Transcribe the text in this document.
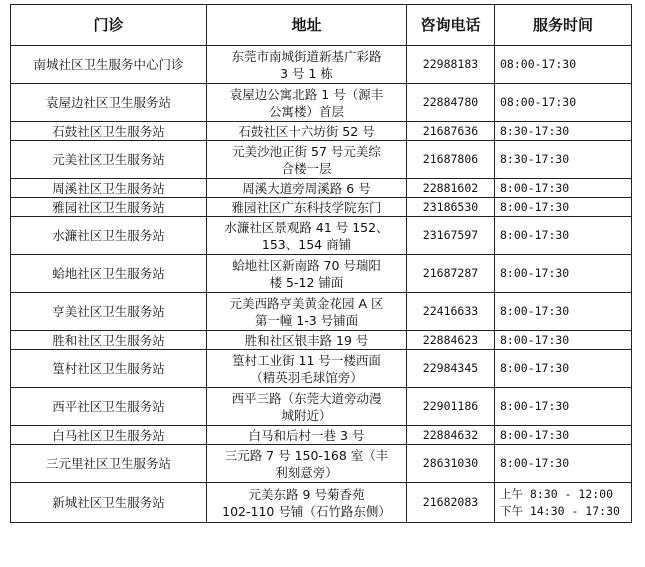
门诊	地址	咨询电话	服务时间
南城社区卫生服务中心门诊	东莞市南城街道新基广彩路
3 号 1 栋	22988183	08:00-17:30

袁屋边社区卫生服务站	袁屋边公寓北路 1 号（源丰
公寓楼）首层	22884780	08:00-17:30

石鼓社区卫生服务站	石鼓社区十六坊街 52 号	21687636	8:30-17:30

元美社区卫生服务站	元美沙池正街 57 号元美综
合楼一层	21687806	8:30-17:30

周溪社区卫生服务站	周溪大道旁周溪路 6 号	22881602	8:00-17:30

雅园社区卫生服务站	雅园社区广东科技学院东门	23186530	8:00-17:30

水濂社区卫生服务站	水濂社区景观路 41 号 152、
153、154 商铺	23167597	8:00-17:30

蛤地社区卫生服务站	蛤地社区新南路 70 号瑞阳
楼 5-12 铺面	21687287	8:00-17:30

亨美社区卫生服务站	元美西路亨美黄金花园 A 区
第一幢 1-3 号铺面	22416633	8:00-17:30

胜和社区卫生服务站	胜和社区银丰路 19 号	22884623	8:00-17:30

篁村社区卫生服务站	篁村工业街 11 号一楼西面
（精英羽毛球馆旁）	22984345	8:00-17:30

西平社区卫生服务站	西平三路（东莞大道旁动漫
城附近）	22901186	8:00-17:30

白马社区卫生服务站	白马和后村一巷 3 号	22884632	8:00-17:30

三元里社区卫生服务站	三元路 7 号 150-168 室（丰
利刻意旁）	28631030	8:00-17:30

新城社区卫生服务站	元美东路 9 号菊香苑
102-110 号铺（石竹路东侧）	21682083	上午 8:30 - 12:00
下午 14:30 - 17:30
